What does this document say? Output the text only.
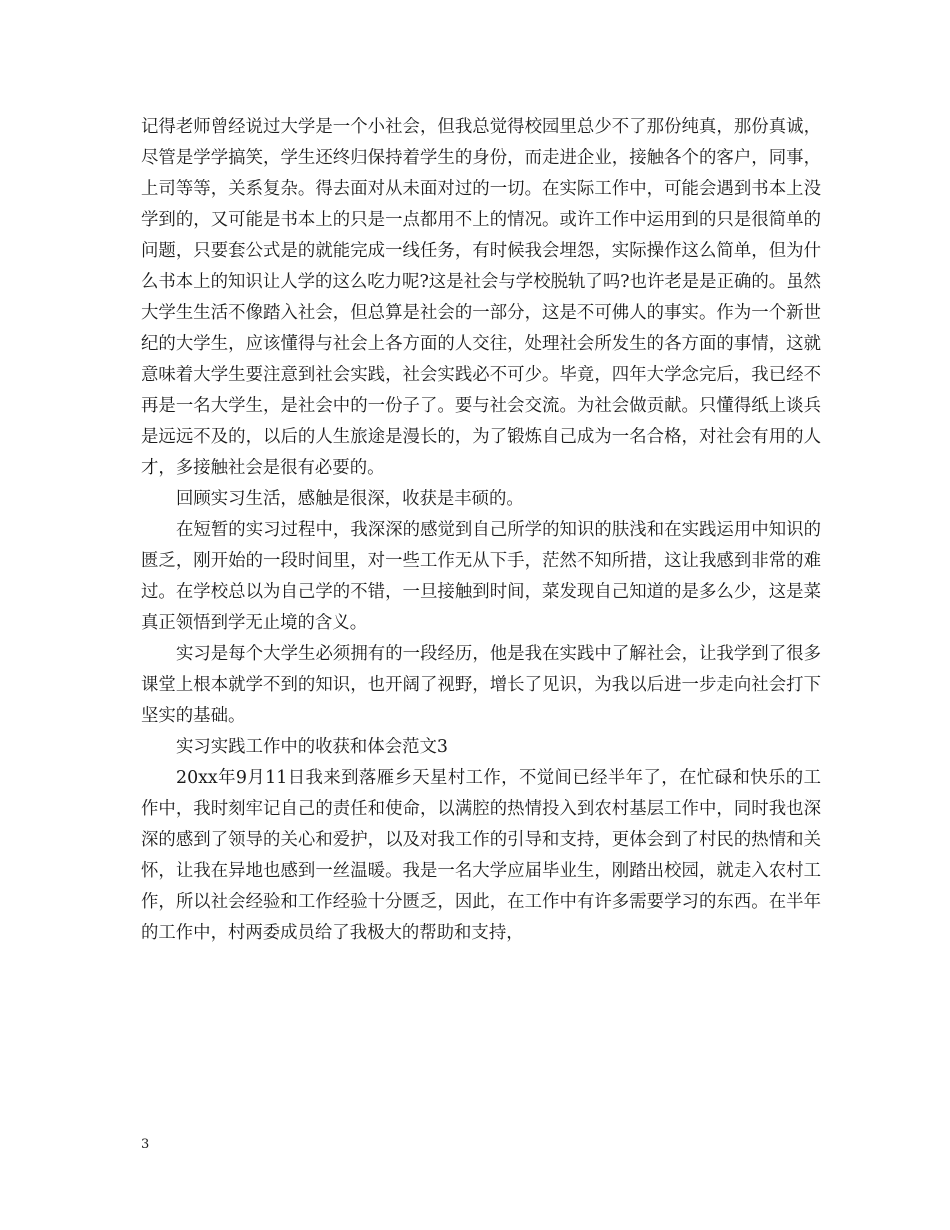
记得老师曾经说过大学是一个小社会，但我总觉得校园里总少不了那份纯真，那份真诚，尽管是学学搞笑，学生还终归保持着学生的身份，而走进企业，接触各个的客户，同事，上司等等，关系复杂。得去面对从未面对过的一切。在实际工作中，可能会遇到书本上没学到的，又可能是书本上的只是一点都用不上的情况。或许工作中运用到的只是很简单的问题，只要套公式是的就能完成一线任务，有时候我会埋怨，实际操作这么简单，但为什么书本上的知识让人学的这么吃力呢?这是社会与学校脱轨了吗?也许老是是正确的。虽然大学生生活不像踏入社会，但总算是社会的一部分，这是不可佛人的事实。作为一个新世纪的大学生，应该懂得与社会上各方面的人交往，处理社会所发生的各方面的事情，这就意味着大学生要注意到社会实践，社会实践必不可少。毕竟，四年大学念完后，我已经不再是一名大学生，是社会中的一份子了。要与社会交流。为社会做贡献。只懂得纸上谈兵是远远不及的，以后的人生旅途是漫长的，为了锻炼自己成为一名合格，对社会有用的人才，多接触社会是很有必要的。

回顾实习生活，感触是很深，收获是丰硕的。

在短暂的实习过程中，我深深的感觉到自己所学的知识的肤浅和在实践运用中知识的匮乏，刚开始的一段时间里，对一些工作无从下手，茫然不知所措，这让我感到非常的难过。在学校总以为自己学的不错，一旦接触到时间，菜发现自己知道的是多么少，这是菜真正领悟到学无止境的含义。

实习是每个大学生必须拥有的一段经历，他是我在实践中了解社会，让我学到了很多课堂上根本就学不到的知识，也开阔了视野，增长了见识，为我以后进一步走向社会打下坚实的基础。

实习实践工作中的收获和体会范文3

20xx年9月11日我来到落雁乡天星村工作，不觉间已经半年了，在忙碌和快乐的工作中，我时刻牢记自己的责任和使命，以满腔的热情投入到农村基层工作中，同时我也深深的感到了领导的关心和爱护，以及对我工作的引导和支持，更体会到了村民的热情和关怀，让我在异地也感到一丝温暖。我是一名大学应届毕业生，刚踏出校园，就走入农村工作，所以社会经验和工作经验十分匮乏，因此，在工作中有许多需要学习的东西。在半年的工作中，村两委成员给了我极大的帮助和支持，

3
